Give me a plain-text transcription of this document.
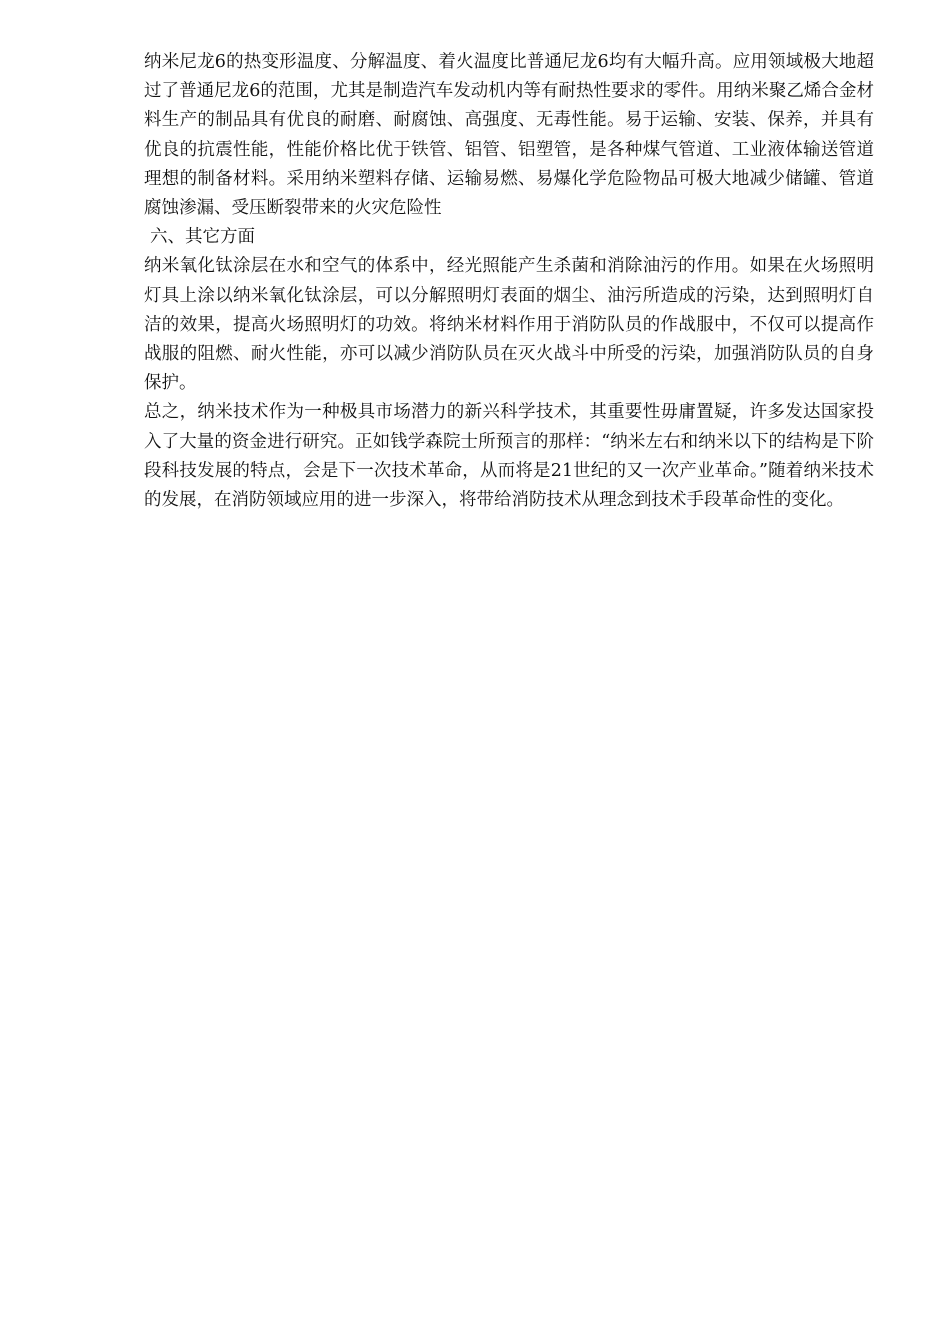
纳米尼龙6的热变形温度、分解温度、着火温度比普通尼龙6均有大幅升高。应用领域极大地超过了普通尼龙6的范围，尤其是制造汽车发动机内等有耐热性要求的零件。用纳米聚乙烯合金材料生产的制品具有优良的耐磨、耐腐蚀、高强度、无毒性能。易于运输、安装、保养，并具有优良的抗震性能，性能价格比优于铁管、铝管、铝塑管，是各种煤气管道、工业液体输送管道理想的制备材料。采用纳米塑料存储、运输易燃、易爆化学危险物品可极大地减少储罐、管道腐蚀渗漏、受压断裂带来的火灾危险性

六、其它方面

纳米氧化钛涂层在水和空气的体系中，经光照能产生杀菌和消除油污的作用。如果在火场照明灯具上涂以纳米氧化钛涂层，可以分解照明灯表面的烟尘、油污所造成的污染，达到照明灯自洁的效果，提高火场照明灯的功效。将纳米材料作用于消防队员的作战服中，不仅可以提高作战服的阻燃、耐火性能，亦可以减少消防队员在灭火战斗中所受的污染，加强消防队员的自身保护。

总之，纳米技术作为一种极具市场潜力的新兴科学技术，其重要性毋庸置疑，许多发达国家投入了大量的资金进行研究。正如钱学森院士所预言的那样：“纳米左右和纳米以下的结构是下阶段科技发展的特点，会是下一次技术革命，从而将是21世纪的又一次产业革命。”随着纳米技术的发展，在消防领域应用的进一步深入，将带给消防技术从理念到技术手段革命性的变化。
